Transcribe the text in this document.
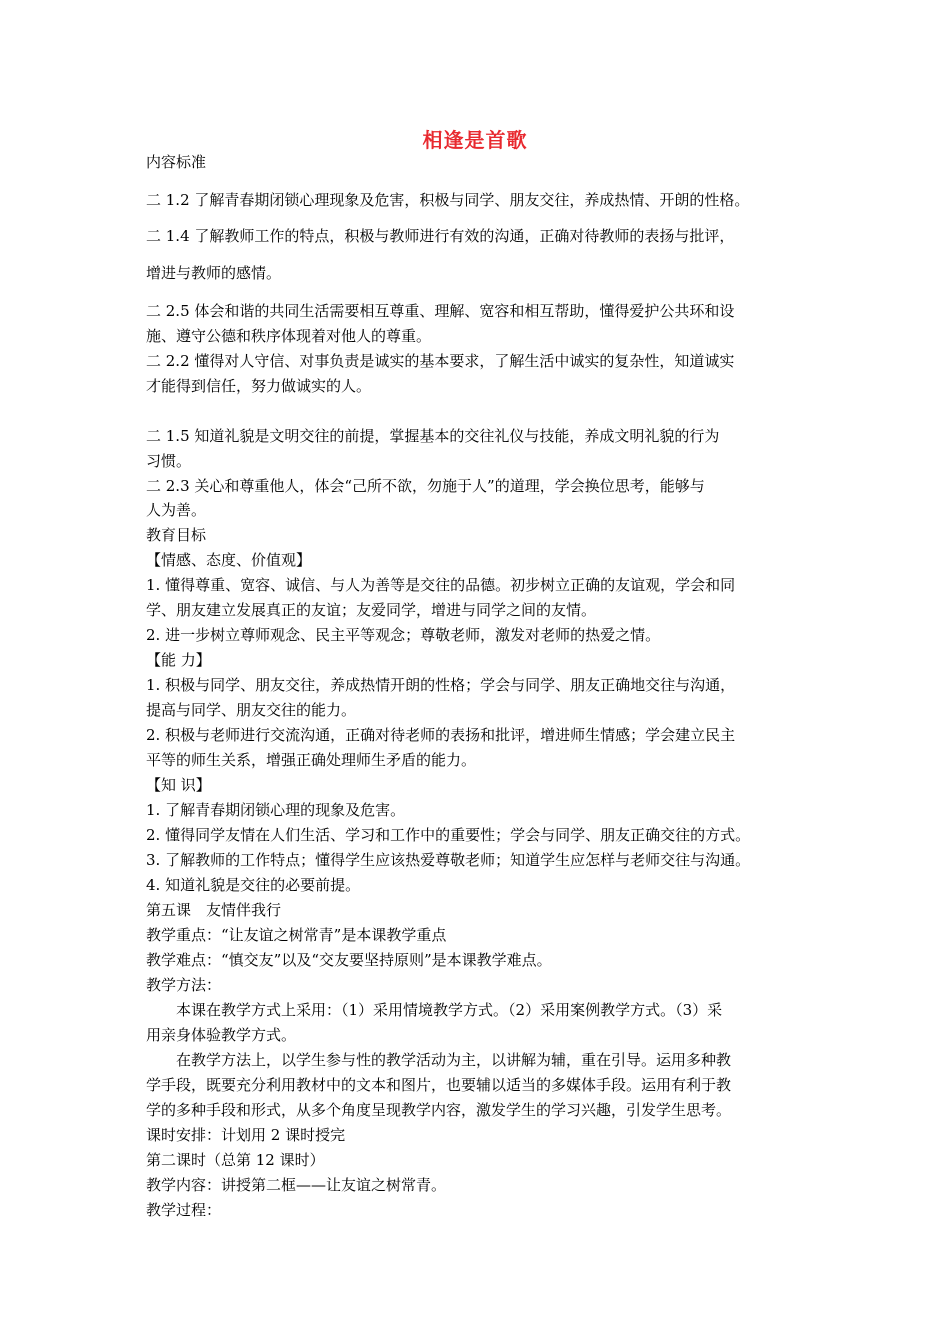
相逢是首歌
内容标准
二 1.2 了解青春期闭锁心理现象及危害，积极与同学、朋友交往，养成热情、开朗的性格。
二 1.4 了解教师工作的特点，积极与教师进行有效的沟通，正确对待教师的表扬与批评，
增进与教师的感情。
二 2.5 体会和谐的共同生活需要相互尊重、理解、宽容和相互帮助，懂得爱护公共环和设
施、遵守公德和秩序体现着对他人的尊重。
二 2.2 懂得对人守信、对事负责是诚实的基本要求，了解生活中诚实的复杂性，知道诚实
才能得到信任，努力做诚实的人。
二 1.5 知道礼貌是文明交往的前提，掌握基本的交往礼仪与技能，养成文明礼貌的行为
习惯。
二 2.3 关心和尊重他人，体会“己所不欲，勿施于人”的道理，学会换位思考，能够与
人为善。
教育目标
【情感、态度、价值观】
1. 懂得尊重、宽容、诚信、与人为善等是交往的品德。初步树立正确的友谊观，学会和同
学、朋友建立发展真正的友谊；友爱同学，增进与同学之间的友情。
2. 进一步树立尊师观念、民主平等观念；尊敬老师，激发对老师的热爱之情。
【能 力】
1. 积极与同学、朋友交往，养成热情开朗的性格；学会与同学、朋友正确地交往与沟通，
提高与同学、朋友交往的能力。
2. 积极与老师进行交流沟通，正确对待老师的表扬和批评，增进师生情感；学会建立民主
平等的师生关系，增强正确处理师生矛盾的能力。
【知 识】
1. 了解青春期闭锁心理的现象及危害。
2. 懂得同学友情在人们生活、学习和工作中的重要性；学会与同学、朋友正确交往的方式。
3. 了解教师的工作特点；懂得学生应该热爱尊敬老师；知道学生应怎样与老师交往与沟通。
4. 知道礼貌是交往的必要前提。
第五课　友情伴我行
教学重点：“让友谊之树常青”是本课教学重点
教学难点：“慎交友”以及“交友要坚持原则”是本课教学难点。
教学方法：
本课在教学方式上采用：（1）采用情境教学方式。（2）采用案例教学方式。（3）采
用亲身体验教学方式。
在教学方法上，以学生参与性的教学活动为主，以讲解为辅，重在引导。运用多种教
学手段，既要充分利用教材中的文本和图片，也要辅以适当的多媒体手段。运用有利于教
学的多种手段和形式，从多个角度呈现教学内容，激发学生的学习兴趣，引发学生思考。
课时安排：计划用 2 课时授完
第二课时（总第 12 课时）
教学内容：讲授第二框——让友谊之树常青。
教学过程：
